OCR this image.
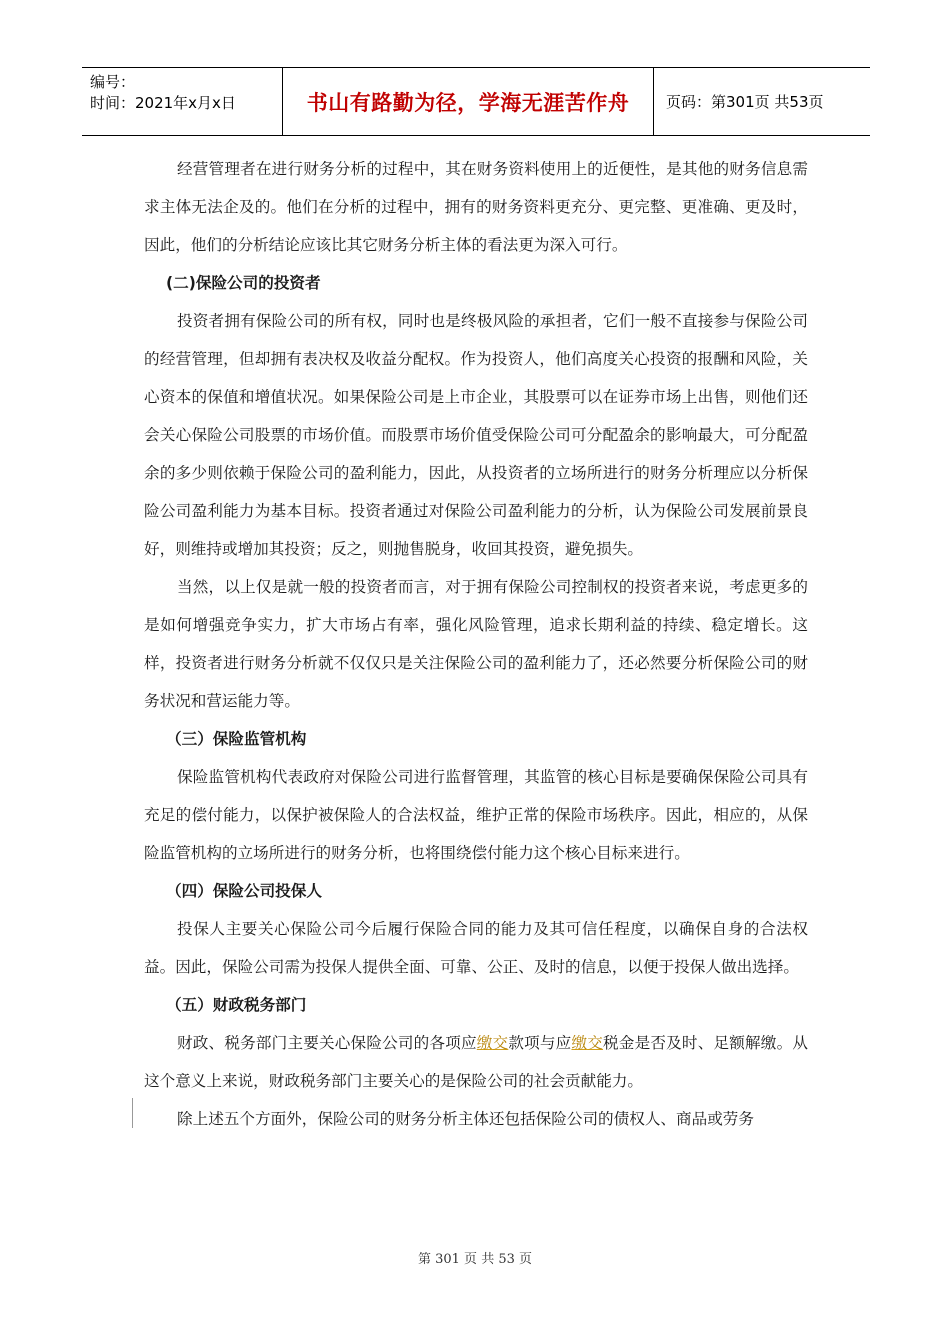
编号：
时间：2021年x月x日	书山有路勤为径，学海无涯苦作舟 页码：第301页 共53页

经营管理者在进行财务分析的过程中，其在财务资料使用上的近便性，是其他的财务信息需求主体无法企及的。他们在分析的过程中，拥有的财务资料更充分、更完整、更准确、更及时，因此，他们的分析结论应该比其它财务分析主体的看法更为深入可行。

(二)保险公司的投资者

投资者拥有保险公司的所有权，同时也是终极风险的承担者，它们一般不直接参与保险公司的经营管理，但却拥有表决权及收益分配权。作为投资人，他们高度关心投资的报酬和风险，关心资本的保值和增值状况。如果保险公司是上市企业，其股票可以在证券市场上出售，则他们还会关心保险公司股票的市场价值。而股票市场价值受保险公司可分配盈余的影响最大，可分配盈余的多少则依赖于保险公司的盈利能力，因此，从投资者的立场所进行的财务分析理应以分析保险公司盈利能力为基本目标。投资者通过对保险公司盈利能力的分析，认为保险公司发展前景良好，则维持或增加其投资；反之，则抛售脱身，收回其投资，避免损失。

当然，以上仅是就一般的投资者而言，对于拥有保险公司控制权的投资者来说，考虑更多的是如何增强竞争实力，扩大市场占有率，强化风险管理，追求长期利益的持续、稳定增长。这样，投资者进行财务分析就不仅仅只是关注保险公司的盈利能力了，还必然要分析保险公司的财务状况和营运能力等。

（三）保险监管机构

保险监管机构代表政府对保险公司进行监督管理，其监管的核心目标是要确保保险公司具有充足的偿付能力，以保护被保险人的合法权益，维护正常的保险市场秩序。因此，相应的，从保险监管机构的立场所进行的财务分析，也将围绕偿付能力这个核心目标来进行。

（四）保险公司投保人

投保人主要关心保险公司今后履行保险合同的能力及其可信任程度，以确保自身的合法权益。因此，保险公司需为投保人提供全面、可靠、公正、及时的信息，以便于投保人做出选择。

（五）财政税务部门

财政、税务部门主要关心保险公司的各项应缴交款项与应缴交税金是否及时、足额解缴。从这个意义上来说，财政税务部门主要关心的是保险公司的社会贡献能力。

除上述五个方面外，保险公司的财务分析主体还包括保险公司的债权人、商品或劳务

第 301 页 共 53 页
